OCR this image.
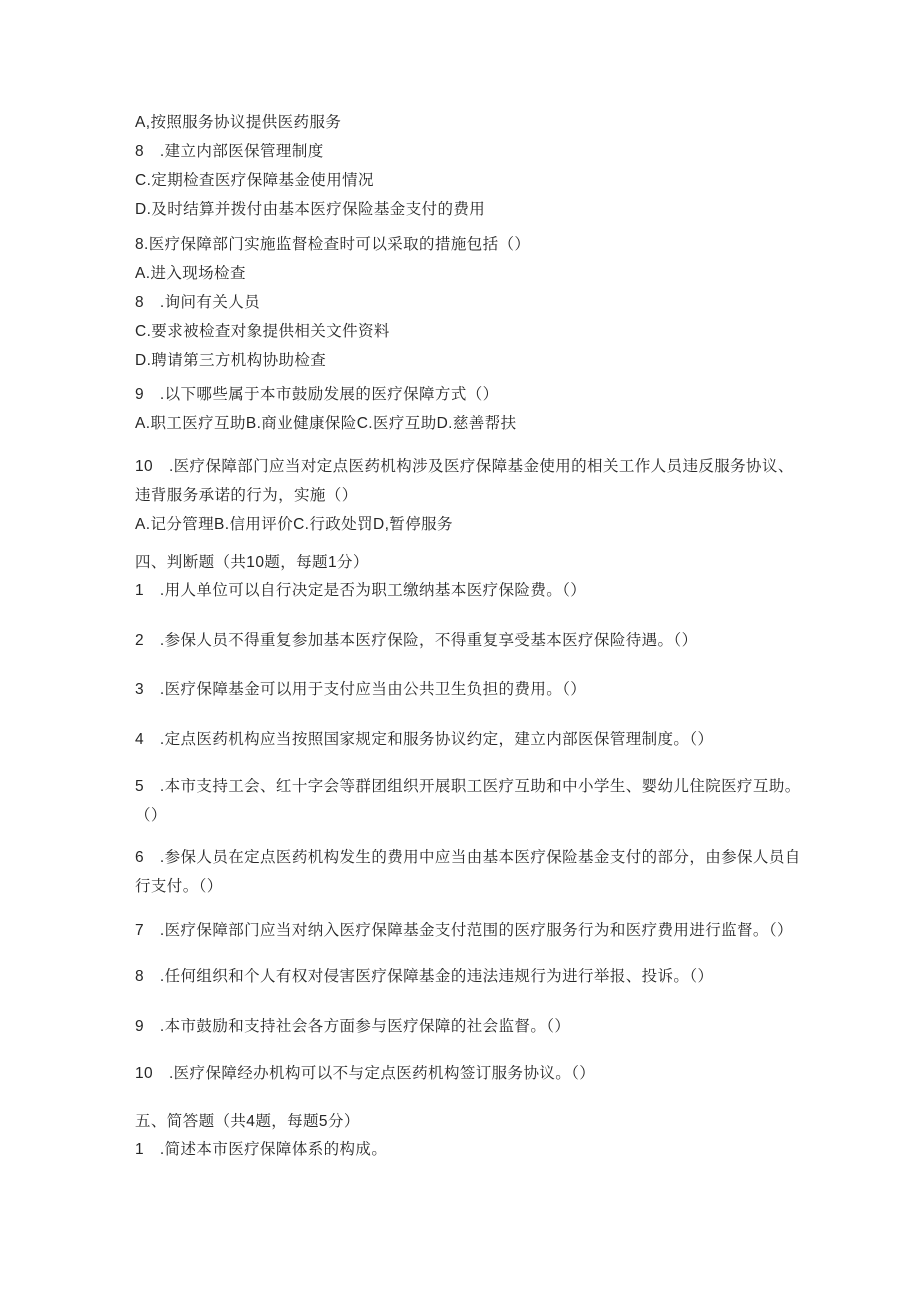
A,按照服务协议提供医药服务
8　.建立内部医保管理制度
C.定期检查医疗保障基金使用情况
D.及时结算并拨付由基本医疗保险基金支付的费用
8.医疗保障部门实施监督检查时可以采取的措施包括（）
A.进入现场检查
8　.询问有关人员
C.要求被检查对象提供相关文件资料
D.聘请第三方机构协助检查
9　.以下哪些属于本市鼓励发展的医疗保障方式（）
A.职工医疗互助B.商业健康保险C.医疗互助D.慈善帮扶
10　.医疗保障部门应当对定点医药机构涉及医疗保障基金使用的相关工作人员违反服务协议、
违背服务承诺的行为，实施（）
A.记分管理B.信用评价C.行政处罚D,暂停服务
四、判断题（共10题，每题1分）
1　.用人单位可以自行决定是否为职工缴纳基本医疗保险费。（）
2　.参保人员不得重复参加基本医疗保险，不得重复享受基本医疗保险待遇。（）
3　.医疗保障基金可以用于支付应当由公共卫生负担的费用。（）
4　.定点医药机构应当按照国家规定和服务协议约定，建立内部医保管理制度。（）
5　.本市支持工会、红十字会等群团组织开展职工医疗互助和中小学生、婴幼儿住院医疗互助。
（）
6　.参保人员在定点医药机构发生的费用中应当由基本医疗保险基金支付的部分，由参保人员自
行支付。（）
7　.医疗保障部门应当对纳入医疗保障基金支付范围的医疗服务行为和医疗费用进行监督。（）
8　.任何组织和个人有权对侵害医疗保障基金的违法违规行为进行举报、投诉。（）
9　.本市鼓励和支持社会各方面参与医疗保障的社会监督。（）
10　.医疗保障经办机构可以不与定点医药机构签订服务协议。（）
五、简答题（共4题，每题5分）
1　.简述本市医疗保障体系的构成。
